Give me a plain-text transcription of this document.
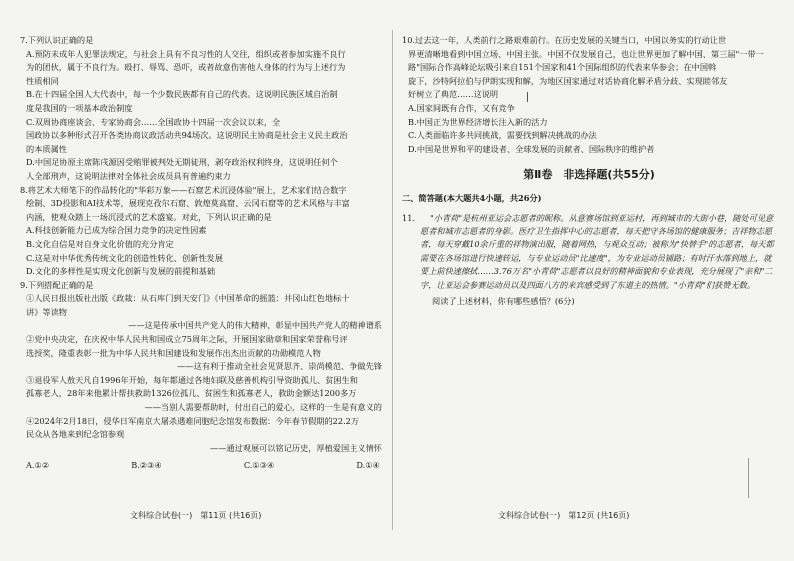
7.下列认识正确的是

A.预防未成年人犯罪法规定，与社会上具有不良习性的人交往，组织或者参加实施不良行

为的团伙，属于不良行为。殴打、辱骂、恐吓，或者故意伤害他人身体的行为与上述行为

性质相同

B.在十四届全国人大代表中，每一个少数民族都有自己的代表。这说明民族区域自治制

度是我国的一项基本政治制度

C.双周协商座谈会、专家协商会……全国政协十四届一次会议以来，全

国政协以多种形式召开各类协商议政活动共94场次。这说明民主协商是社会主义民主政治

的本质属性

D.中国足协原主席陈戌源因受贿罪被判处无期徒刑，剥夺政治权利终身，这说明任何个

人全部刑声，这说明法律对全体社会成员具有普遍约束力

8.将艺术大师笔下的作品转化的"华彩万象——石窟艺术沉浸体验"展上，艺术家们结合数字

绘制、3D投影和AI技术等，展现克孜尔石窟、敦煌莫高窟、云冈石窟等的艺术风格与丰富

内涵，使观众踏上一场沉浸式的艺术盛宴。对此，下列认识正确的是

A.科技创新能力已成为综合国力竞争的决定性因素

B.文化自信是对自身文化价值的充分肯定

C.这是对中华优秀传统文化的创造性转化、创新性发展

D.文化的多样性是实现文化创新与发展的前提和基础

9.下列搭配正确的是

①人民日报出版社出版《政裁：从石库门到天安门》《中国革命的摇篮：井冈山红色地标十

讲》等读物

——这是传承中国共产党人的伟大精神，彰显中国共产党人的精神谱系

②党中央决定，在庆祝中华人民共和国成立75周年之际，开展国家勋章和国家荣誉称号评

选授奖，隆重表彰一批为中华人民共和国建设和发展作出杰出贡献的功勋模范人物

——这有利于推动全社会见贤思齐、崇尚模范、争做先锋

③退役军人敖天凡自1996年开始，每年都通过各地妇联及慈善机构引导资助孤儿、贫困生和

孤寡老人，28年来他累计帮扶救助1326位孤儿、贫困生和孤寡老人，救助金额达1200多万

——当别人需要帮助时，付出自己的爱心，这样的一生是有意义的

④2024年2月18日，侵华日军南京大屠杀遇难同胞纪念馆发布数据：今年春节假期的22.2万

民众从各地来到纪念馆参观

——通过观展可以铭记历史，厚植爱国主义情怀

A.①②	B.②③④	C.①③④	D.①④

10.过去这一年，人类前行之路艰难前行。在历史发展的关键当口，中国以务实的行动让世

界更清晰地看到中国立场、中国主张。中国不仅发展自己，也让世界更加了解中国、第三届"一带一

路"国际合作高峰论坛吸引来自151个国家和41个国际组织的代表来华参会；在中国斡

旋下，沙特阿拉伯与伊朗实现和解，为地区国家通过对话协商化解矛盾分歧、实现睦邻友

好树立了典范……这说明

A.国家间既有合作，又有竞争

B.中国正为世界经济增长注入新的活力

C.人类面临许多共同挑战，需要找到解决挑战的办法

D.中国是世界和平的建设者、全球发展的贡献者、国际秩序的维护者

第Ⅱ卷　非选择题(共55分)

二、简答题(本大题共4小题，共26分)

11.	"小青荷"是杭州亚运会志愿者的昵称。从意赛场馆到亚运村，再到城市的大街小巷，随处可见意愿者和城市志愿者的身影。医疗卫生指挥中心的志愿者，每天把守各场馆的健康服务；吉祥物志愿者，每天穿戴10余斤重的祥物演出服，随着网热，与观众互动；被称为"快替手"的志愿者，每天都需要在各场馆进行快速转运，与专业运动员"比速度"，为专业运动员铺路；有时汗水落到地上，就要上前快速擦拭……3.76万名"小青荷"志愿者以良好的精神面貌和专业表现，充分展现了"亲和"二字，让亚运会参赛运动员以及四面八方的来宾感受到了东道主的热情。"小青荷"们获赞无数。

阅读了上述材料，你有哪些感悟？(6分)

文科综合试卷(一)　第11页 (共16页)	文科综合试卷(一)　第12页 (共16页)
